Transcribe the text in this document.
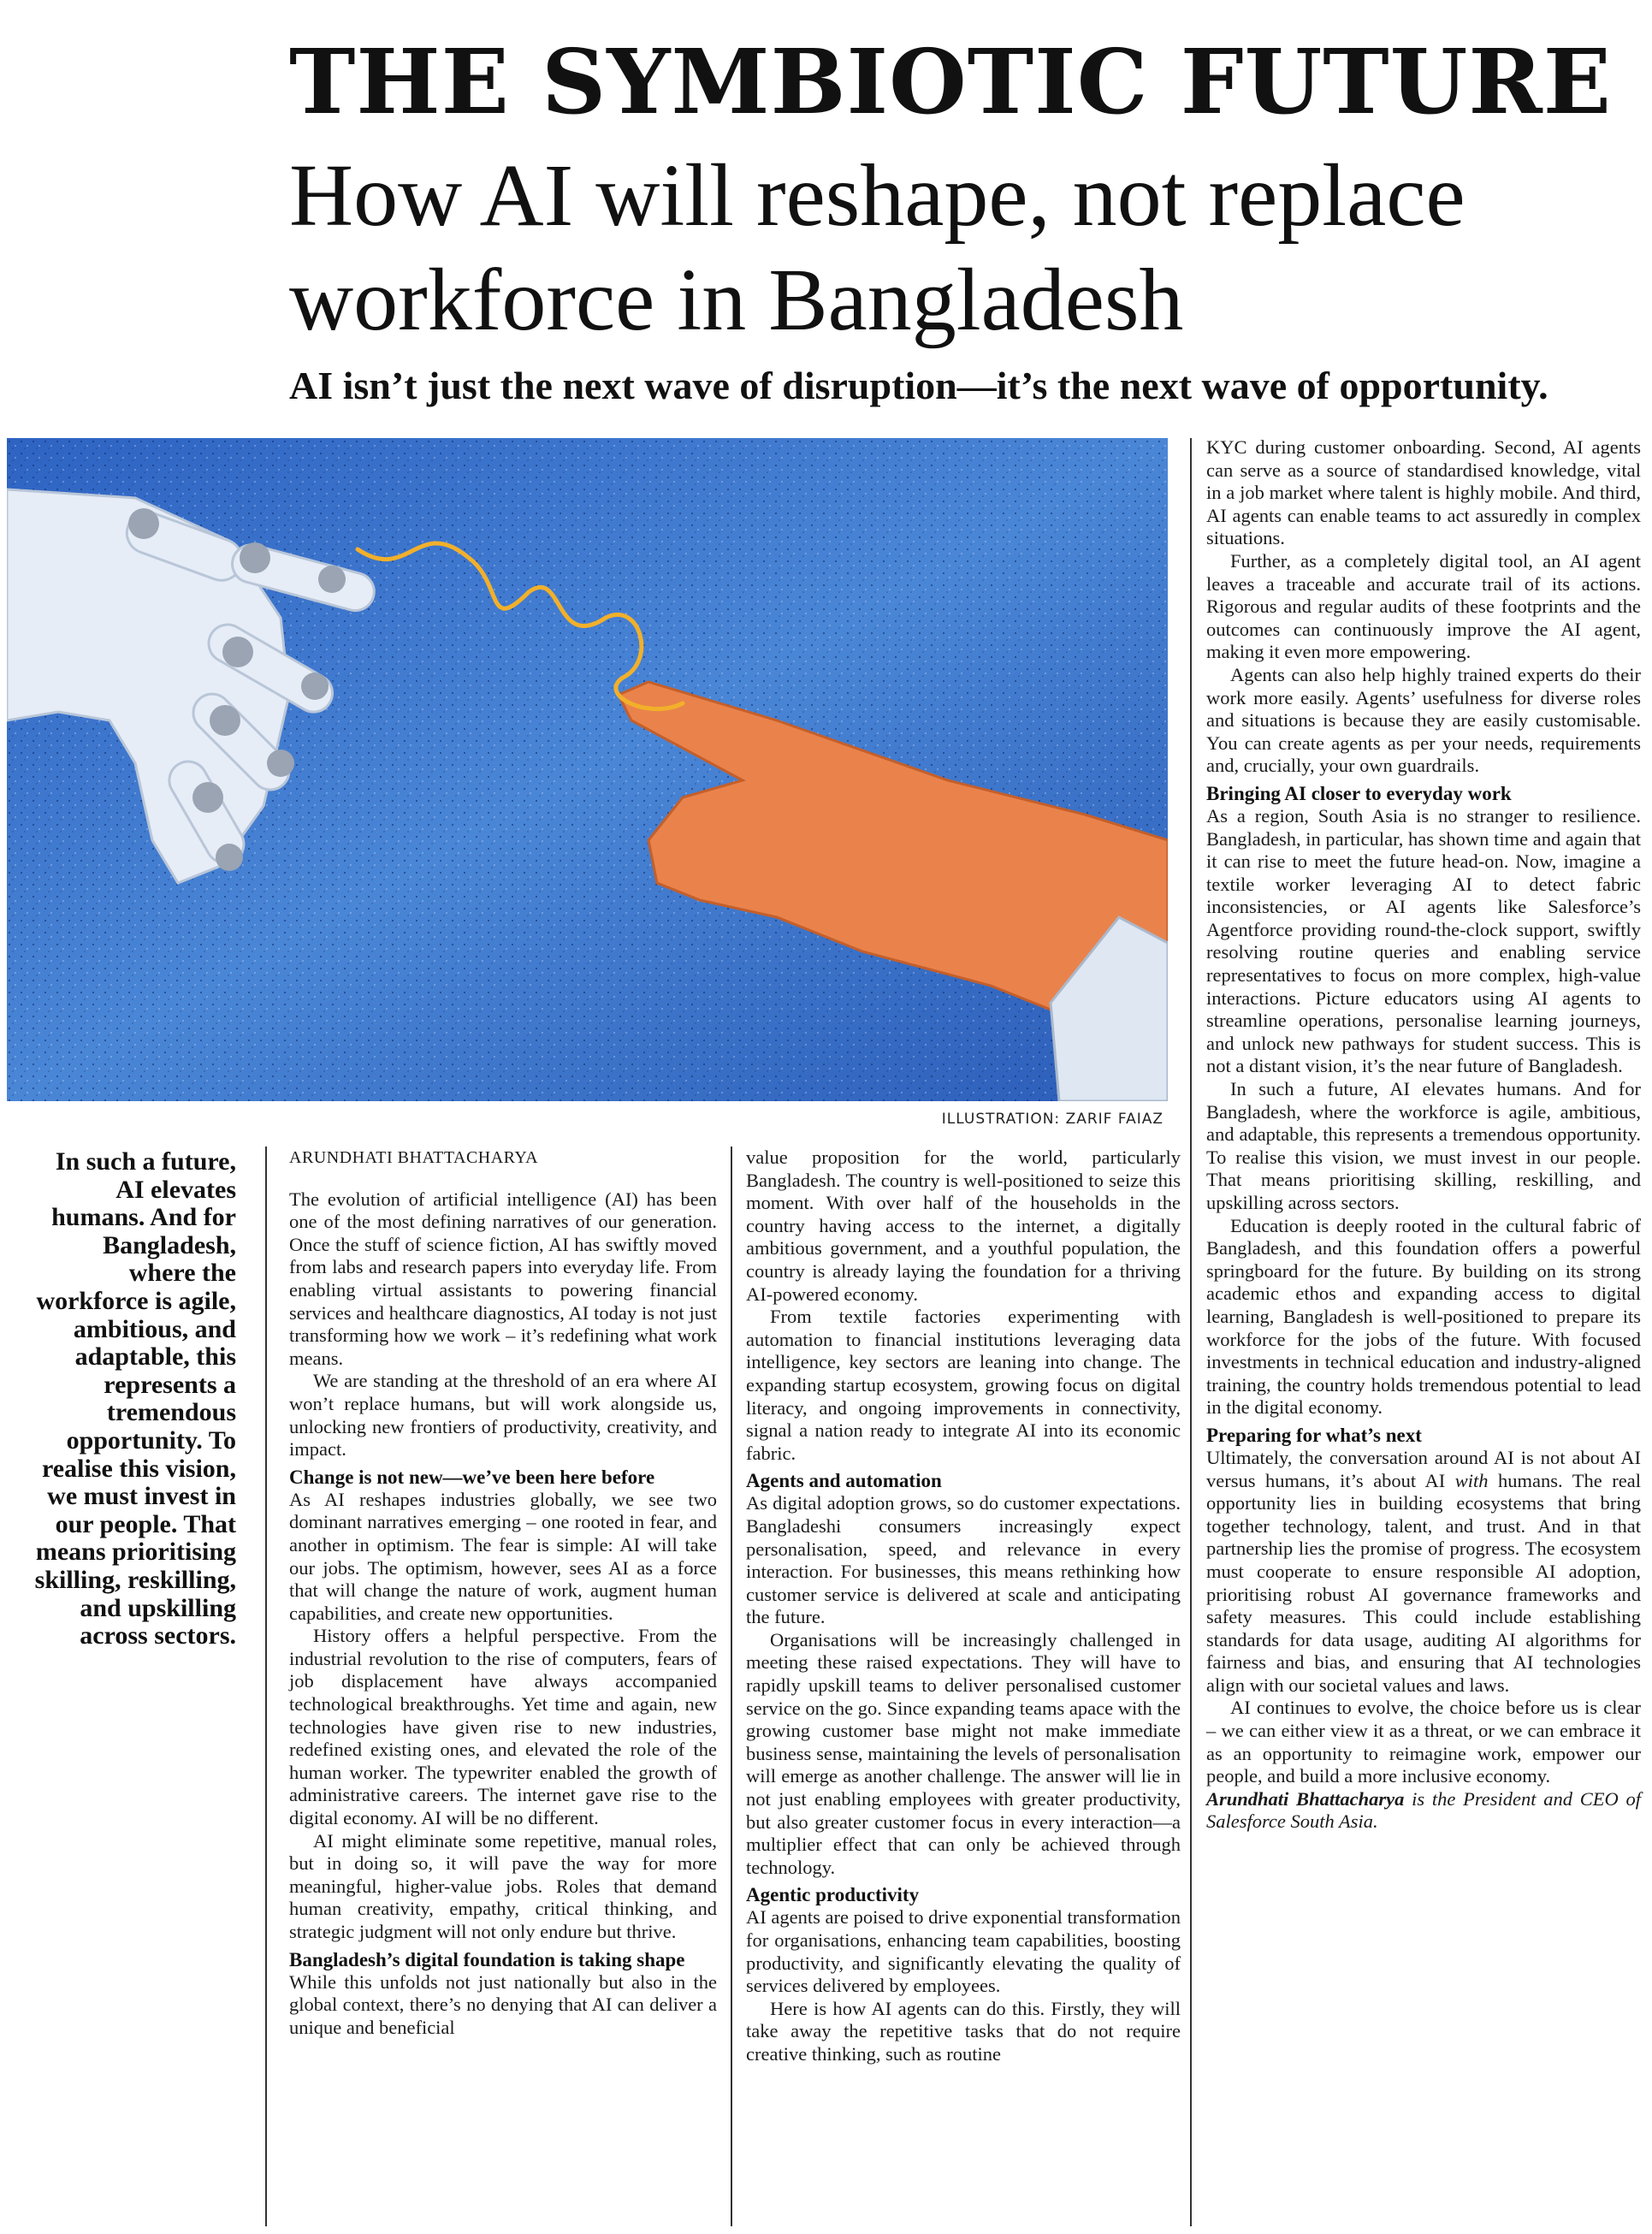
THE SYMBIOTIC FUTURE
How AI will reshape, not replace workforce in Bangladesh
AI isn’t just the next wave of disruption—it’s the next wave of opportunity.
ILLUSTRATION: ZARIF FAIAZ
In such a future, AI elevates humans. And for Bangladesh, where the workforce is agile, ambitious, and adaptable, this represents a tremendous opportunity. To realise this vision, we must invest in our people. That means prioritising skilling, reskilling, and upskilling across sectors.
ARUNDHATI BHATTACHARYA

The evolution of artificial intelligence (AI) has been one of the most defining narratives of our generation. Once the stuff of science fiction, AI has swiftly moved from labs and research papers into everyday life. From enabling virtual assistants to powering financial services and healthcare diagnostics, AI today is not just transforming how we work – it’s redefining what work means.

We are standing at the threshold of an era where AI won’t replace humans, but will work alongside us, unlocking new frontiers of productivity, creativity, and impact.

Change is not new—we’ve been here before

As AI reshapes industries globally, we see two dominant narratives emerging – one rooted in fear, and another in optimism. The fear is simple: AI will take our jobs. The optimism, however, sees AI as a force that will change the nature of work, augment human capabilities, and create new opportunities.

History offers a helpful perspective. From the industrial revolution to the rise of computers, fears of job displacement have always accompanied technological breakthroughs. Yet time and again, new technologies have given rise to new industries, redefined existing ones, and elevated the role of the human worker. The typewriter enabled the growth of administrative careers. The internet gave rise to the digital economy. AI will be no different.

AI might eliminate some repetitive, manual roles, but in doing so, it will pave the way for more meaningful, higher-value jobs. Roles that demand human creativity, empathy, critical thinking, and strategic judgment will not only endure but thrive.

Bangladesh’s digital foundation is taking shape

While this unfolds not just nationally but also in the global context, there’s no denying that AI can deliver a unique and beneficial

value proposition for the world, particularly Bangladesh. The country is well-positioned to seize this moment. With over half of the households in the country having access to the internet, a digitally ambitious government, and a youthful population, the country is already laying the foundation for a thriving AI-powered economy.

From textile factories experimenting with automation to financial institutions leveraging data intelligence, key sectors are leaning into change. The expanding startup ecosystem, growing focus on digital literacy, and ongoing improvements in connectivity, signal a nation ready to integrate AI into its economic fabric.

Agents and automation

As digital adoption grows, so do customer expectations. Bangladeshi consumers increasingly expect personalisation, speed, and relevance in every interaction. For businesses, this means rethinking how customer service is delivered at scale and anticipating the future.

Organisations will be increasingly challenged in meeting these raised expectations. They will have to rapidly upskill teams to deliver personalised customer service on the go. Since expanding teams apace with the growing customer base might not make immediate business sense, maintaining the levels of personalisation will emerge as another challenge. The answer will lie in not just enabling employees with greater productivity, but also greater customer focus in every interaction—a multiplier effect that can only be achieved through technology.

Agentic productivity

AI agents are poised to drive exponential transformation for organisations, enhancing team capabilities, boosting productivity, and significantly elevating the quality of services delivered by employees.

Here is how AI agents can do this. Firstly, they will take away the repetitive tasks that do not require creative thinking, such as routine

KYC during customer onboarding. Second, AI agents can serve as a source of standardised knowledge, vital in a job market where talent is highly mobile. And third, AI agents can enable teams to act assuredly in complex situations.

Further, as a completely digital tool, an AI agent leaves a traceable and accurate trail of its actions. Rigorous and regular audits of these footprints and the outcomes can continuously improve the AI agent, making it even more empowering.

Agents can also help highly trained experts do their work more easily. Agents’ usefulness for diverse roles and situations is because they are easily customisable. You can create agents as per your needs, requirements and, crucially, your own guardrails.

Bringing AI closer to everyday work

As a region, South Asia is no stranger to resilience. Bangladesh, in particular, has shown time and again that it can rise to meet the future head-on. Now, imagine a textile worker leveraging AI to detect fabric inconsistencies, or AI agents like Salesforce’s Agentforce providing round-the-clock support, swiftly resolving routine queries and enabling service representatives to focus on more complex, high-value interactions. Picture educators using AI agents to streamline operations, personalise learning journeys, and unlock new pathways for student success. This is not a distant vision, it’s the near future of Bangladesh.

In such a future, AI elevates humans. And for Bangladesh, where the workforce is agile, ambitious, and adaptable, this represents a tremendous opportunity. To realise this vision, we must invest in our people. That means prioritising skilling, reskilling, and upskilling across sectors.

Education is deeply rooted in the cultural fabric of Bangladesh, and this foundation offers a powerful springboard for the future. By building on its strong academic ethos and expanding access to digital learning, Bangladesh is well-positioned to prepare its workforce for the jobs of the future. With focused investments in technical education and industry-aligned training, the country holds tremendous potential to lead in the digital economy.

Preparing for what’s next

Ultimately, the conversation around AI is not about AI versus humans, it’s about AI with humans. The real opportunity lies in building ecosystems that bring together technology, talent, and trust. And in that partnership lies the promise of progress. The ecosystem must cooperate to ensure responsible AI adoption, prioritising robust AI governance frameworks and safety measures. This could include establishing standards for data usage, auditing AI algorithms for fairness and bias, and ensuring that AI technologies align with our societal values and laws.

AI continues to evolve, the choice before us is clear – we can either view it as a threat, or we can embrace it as an opportunity to reimagine work, empower our people, and build a more inclusive economy.

Arundhati Bhattacharya is the President and CEO of Salesforce South Asia.
